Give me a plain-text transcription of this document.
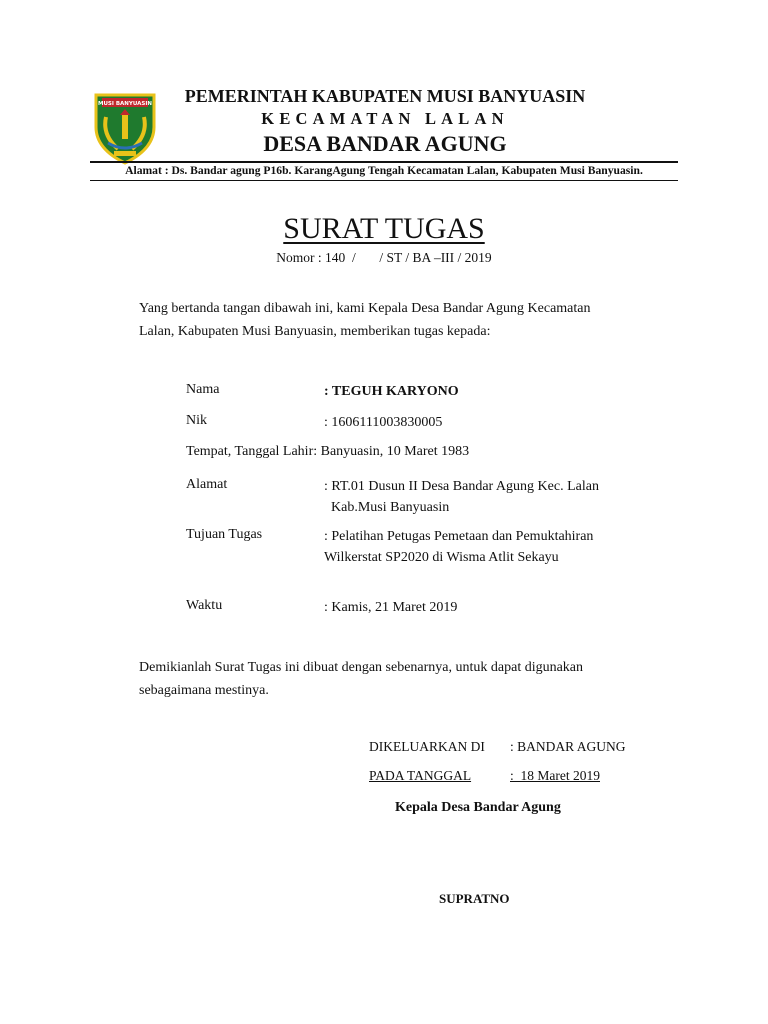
MUSI BANYUASIN	PEMERINTAH KABUPATEN MUSI BANYUASIN
KECAMATAN LALAN
DESA BANDAR AGUNG
Alamat : Ds. Bandar agung P16b. KarangAgung Tengah Kecamatan Lalan, Kabupaten Musi Banyuasin.
SURAT TUGAS
Nomor : 140  /       / ST / BA –III / 2019
Yang bertanda tangan dibawah ini, kami Kepala Desa Bandar Agung Kecamatan
Lalan, Kabupaten Musi Banyuasin, memberikan tugas kepada:
Nama	: TEGUH KARYONO
Nik	: 1606111003830005
Tempat, Tanggal Lahir: Banyuasin, 10 Maret 1983
Alamat	: RT.01 Dusun II Desa Bandar Agung Kec. Lalan
Kab.Musi Banyuasin
Tujuan Tugas	: Pelatihan Petugas Pemetaan dan Pemuktahiran
Wilkerstat SP2020 di Wisma Atlit Sekayu
Waktu	: Kamis, 21 Maret 2019
Demikianlah Surat Tugas ini dibuat dengan sebenarnya, untuk dapat digunakan
sebagaimana mestinya.
DIKELUARKAN DI : BANDAR AGUNG
PADA TANGGAL	:  18 Maret 2019
Kepala Desa Bandar Agung
SUPRATNO
